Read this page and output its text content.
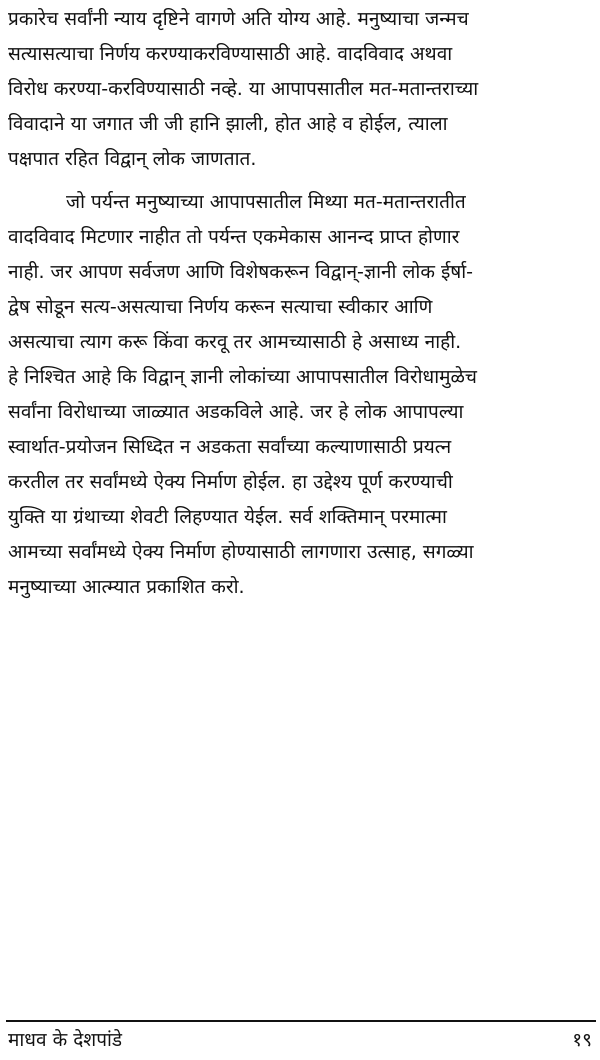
प्रकारेच सर्वांनी न्याय दृष्टिने वागणे अति योग्य आहे. मनुष्याचा जन्मच
सत्यासत्याचा निर्णय करण्याकरविण्यासाठी आहे. वादविवाद अथवा
विरोध करण्या-करविण्यासाठी नव्हे. या आपापसातील मत-मतान्तराच्या
विवादाने या जगात जी जी हानि झाली, होत आहे व होईल, त्याला
पक्षपात रहित विद्वान् लोक जाणतात.
जो पर्यन्त मनुष्याच्या आपापसातील मिथ्या मत-मतान्तरातीत
वादविवाद मिटणार नाहीत तो पर्यन्त एकमेकास आनन्द प्राप्त होणार
नाही. जर आपण सर्वजण आणि विशेषकरून विद्वान्-ज्ञानी लोक ईर्षा-
द्वेष सोडून सत्य-असत्याचा निर्णय करून सत्याचा स्वीकार आणि
असत्याचा त्याग करू किंवा करवू तर आमच्यासाठी हे असाध्य नाही.
हे निश्चित आहे कि विद्वान् ज्ञानी लोकांच्या आपापसातील विरोधामुळेच
सर्वांना विरोधाच्या जाळ्यात अडकविले आहे. जर हे लोक आपापल्या
स्वार्थात-प्रयोजन सिध्दित न अडकता सर्वांच्या कल्याणासाठी प्रयत्न
करतील तर सर्वांमध्ये ऐक्य निर्माण होईल. हा उद्देश्य पूर्ण करण्याची
युक्ति या ग्रंथाच्या शेवटी लिहण्यात येईल. सर्व शक्तिमान् परमात्मा
आमच्या सर्वांमध्ये ऐक्य निर्माण होण्यासाठी लागणारा उत्साह, सगळ्या
मनुष्याच्या आत्म्यात प्रकाशित करो.
माधव के देशपांडे	१९
